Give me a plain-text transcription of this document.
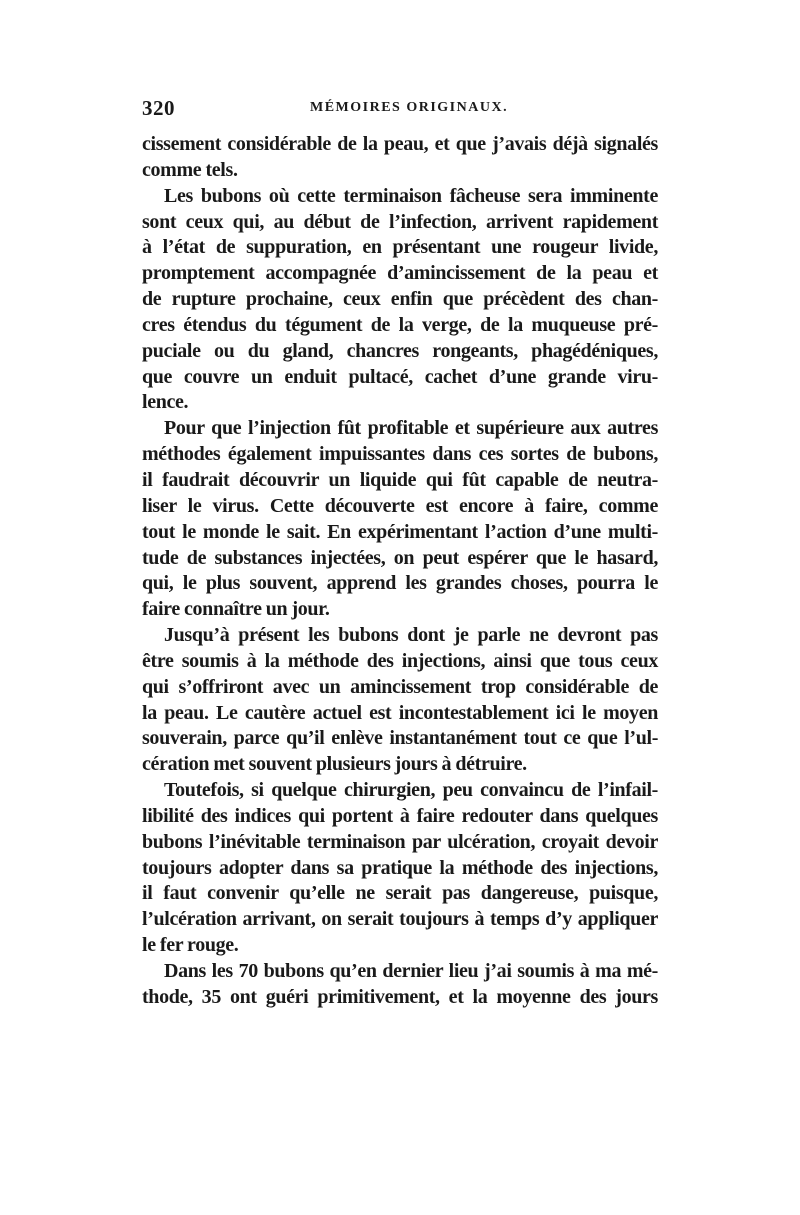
320	MÉMOIRES ORIGINAUX.
cissement considérable de la peau, et que j’avais déjà signalés
comme tels.
Les bubons où cette terminaison fâcheuse sera imminente
sont ceux qui, au début de l’infection, arrivent rapidement
à l’état de suppuration, en présentant une rougeur livide,
promptement accompagnée d’amincissement de la peau et
de rupture prochaine, ceux enfin que précèdent des chan-
cres étendus du tégument de la verge, de la muqueuse pré-
puciale ou du gland, chancres rongeants, phagédéniques,
que couvre un enduit pultacé, cachet d’une grande viru-
lence.
Pour que l’injection fût profitable et supérieure aux autres
méthodes également impuissantes dans ces sortes de bubons,
il faudrait découvrir un liquide qui fût capable de neutra-
liser le virus. Cette découverte est encore à faire, comme
tout le monde le sait. En expérimentant l’action d’une multi-
tude de substances injectées, on peut espérer que le hasard,
qui, le plus souvent, apprend les grandes choses, pourra le
faire connaître un jour.
Jusqu’à présent les bubons dont je parle ne devront pas
être soumis à la méthode des injections, ainsi que tous ceux
qui s’offriront avec un amincissement trop considérable de
la peau. Le cautère actuel est incontestablement ici le moyen
souverain, parce qu’il enlève instantanément tout ce que l’ul-
cération met souvent plusieurs jours à détruire.
Toutefois, si quelque chirurgien, peu convaincu de l’infail-
libilité des indices qui portent à faire redouter dans quelques
bubons l’inévitable terminaison par ulcération, croyait devoir
toujours adopter dans sa pratique la méthode des injections,
il faut convenir qu’elle ne serait pas dangereuse, puisque,
l’ulcération arrivant, on serait toujours à temps d’y appliquer
le fer rouge.
Dans les 70 bubons qu’en dernier lieu j’ai soumis à ma mé-
thode, 35 ont guéri primitivement, et la moyenne des jours
